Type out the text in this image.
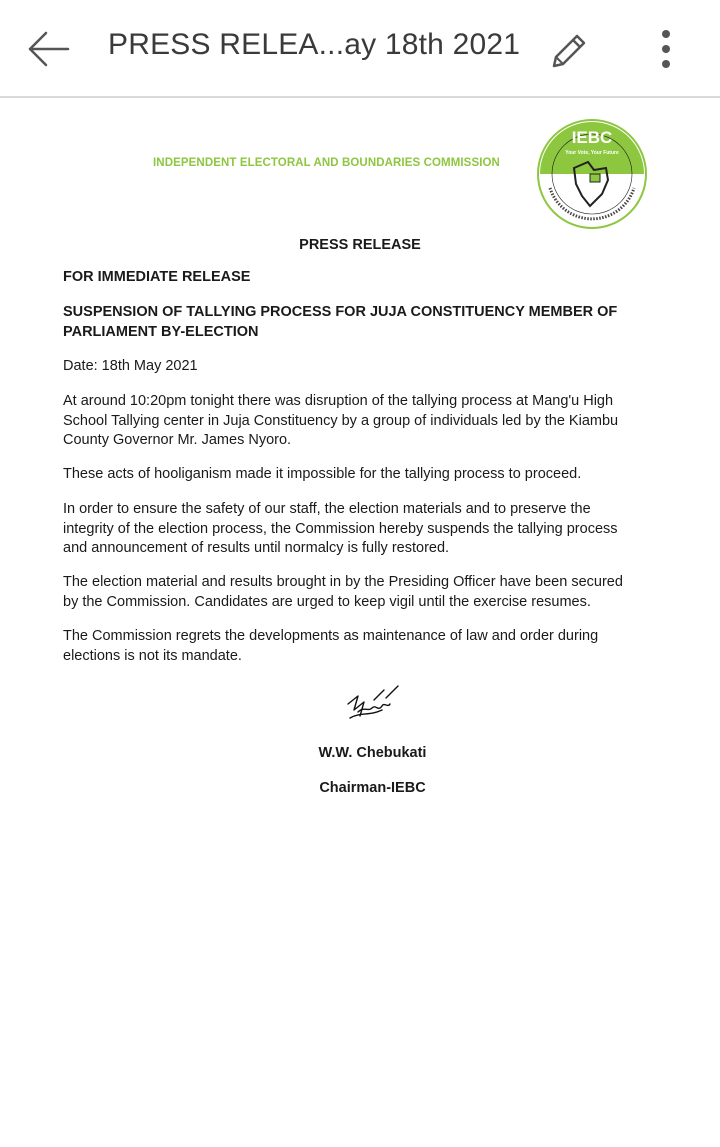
PRESS RELEA...ay 18th 2021
INDEPENDENT ELECTORAL AND BOUNDARIES COMMISSION
IEBC
Your Vote, Your Future
PRESS RELEASE
FOR IMMEDIATE RELEASE
SUSPENSION OF TALLYING PROCESS FOR JUJA CONSTITUENCY MEMBER OF
PARLIAMENT BY-ELECTION
Date: 18th May 2021
At around 10:20pm tonight there was disruption of the tallying process at Mang'u High
School Tallying center in Juja Constituency by a group of individuals led by the Kiambu
County Governor Mr. James Nyoro.
These acts of hooliganism made it impossible for the tallying process to proceed.
In order to ensure the safety of our staff, the election materials and to preserve the
integrity of the election process, the Commission hereby suspends the tallying process
and announcement of results until normalcy is fully restored.
The election material and results brought in by the Presiding Officer have been secured
by the Commission. Candidates are urged to keep vigil until the exercise resumes.
The Commission regrets the developments as maintenance of law and order during
elections is not its mandate.
W.W. Chebukati
Chairman-IEBC
